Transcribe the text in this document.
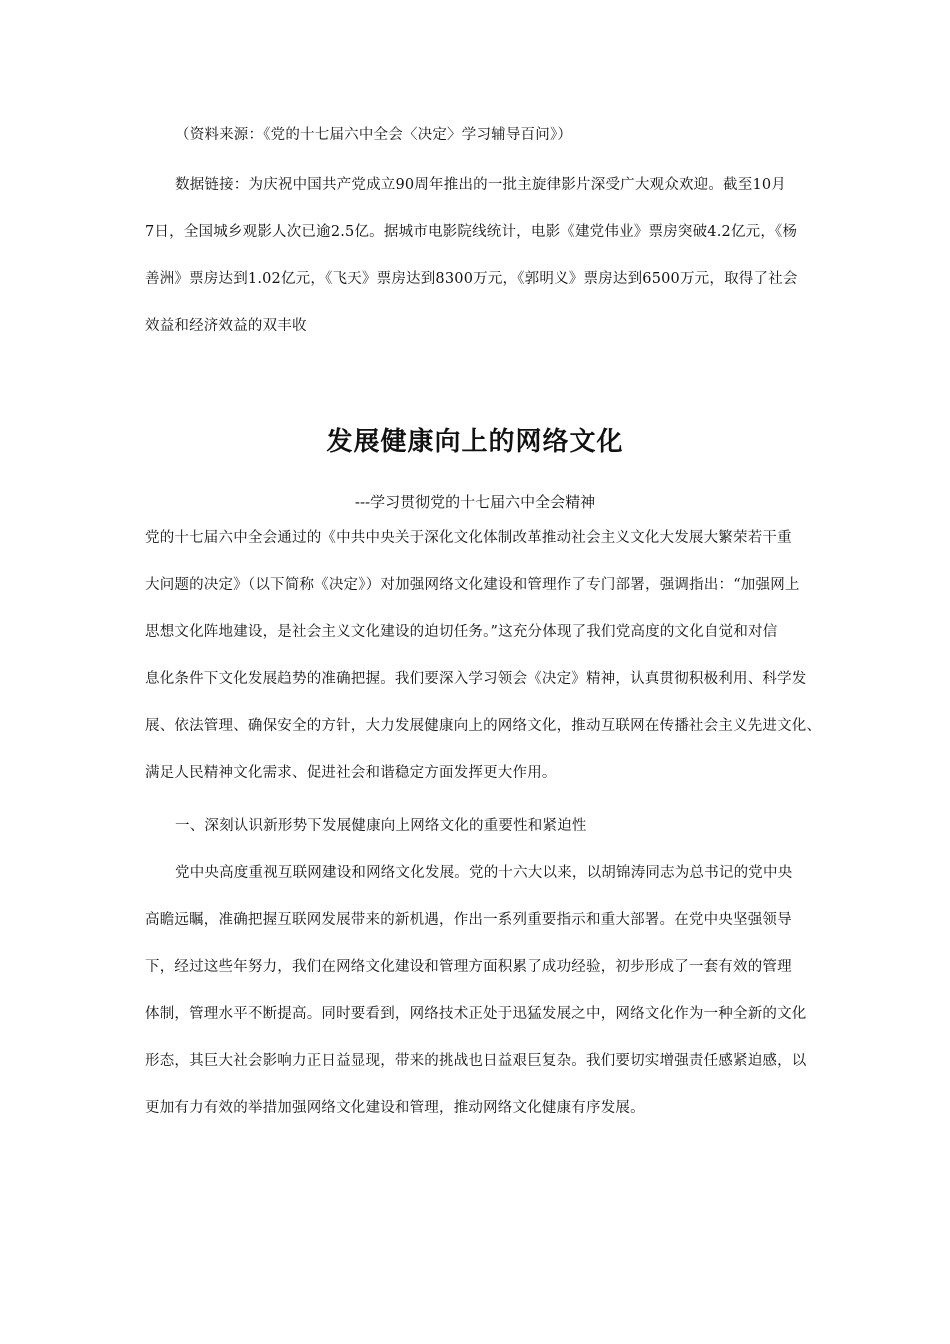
（资料来源：《党的十七届六中全会〈决定〉学习辅导百问》）
数据链接：为庆祝中国共产党成立90周年推出的一批主旋律影片深受广大观众欢迎。截至10月
7日，全国城乡观影人次已逾2.5亿。据城市电影院线统计，电影《建党伟业》票房突破4.2亿元，《杨
善洲》票房达到1.02亿元，《飞天》票房达到8300万元，《郭明义》票房达到6500万元，取得了社会
效益和经济效益的双丰收
发展健康向上的网络文化
---学习贯彻党的十七届六中全会精神
党的十七届六中全会通过的《中共中央关于深化文化体制改革推动社会主义文化大发展大繁荣若干重
大问题的决定》（以下简称《决定》）对加强网络文化建设和管理作了专门部署，强调指出：“加强网上
思想文化阵地建设，是社会主义文化建设的迫切任务。”这充分体现了我们党高度的文化自觉和对信
息化条件下文化发展趋势的准确把握。我们要深入学习领会《决定》精神，认真贯彻积极利用、科学发
展、依法管理、确保安全的方针，大力发展健康向上的网络文化，推动互联网在传播社会主义先进文化、
满足人民精神文化需求、促进社会和谐稳定方面发挥更大作用。
一、深刻认识新形势下发展健康向上网络文化的重要性和紧迫性
党中央高度重视互联网建设和网络文化发展。党的十六大以来，以胡锦涛同志为总书记的党中央
高瞻远瞩，准确把握互联网发展带来的新机遇，作出一系列重要指示和重大部署。在党中央坚强领导
下，经过这些年努力，我们在网络文化建设和管理方面积累了成功经验，初步形成了一套有效的管理
体制，管理水平不断提高。同时要看到，网络技术正处于迅猛发展之中，网络文化作为一种全新的文化
形态，其巨大社会影响力正日益显现，带来的挑战也日益艰巨复杂。我们要切实增强责任感紧迫感，以
更加有力有效的举措加强网络文化建设和管理，推动网络文化健康有序发展。
